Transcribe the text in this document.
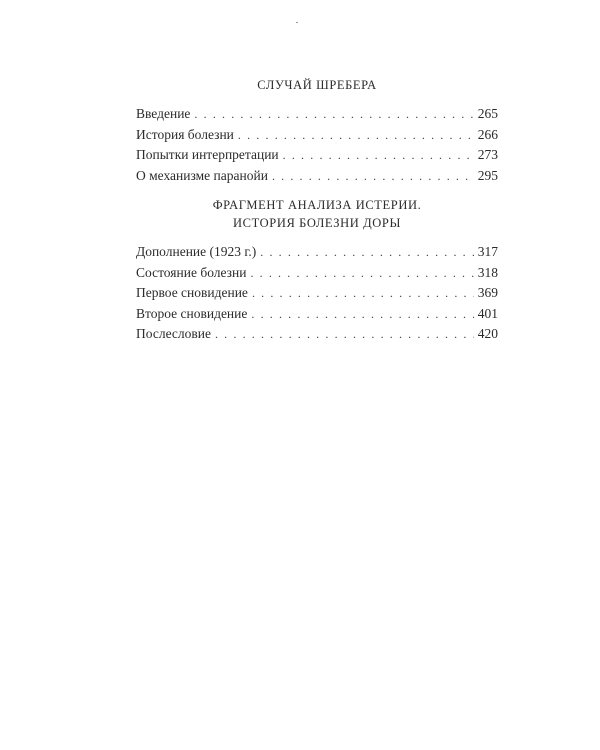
СЛУЧАЙ ШРЕБЕРА
Введение . . .	265
История болезни . . .	266
Попытки интерпретации . . .	273
О механизме паранойи . . .	295
ФРАГМЕНТ АНАЛИЗА ИСТЕРИИ.
ИСТОРИЯ БОЛЕЗНИ ДОРЫ
Дополнение (1923 г.) . . .	317
Состояние болезни . . .	318
Первое сновидение . . .	369
Второе сновидение . . .	401
Послесловие . . .	420
